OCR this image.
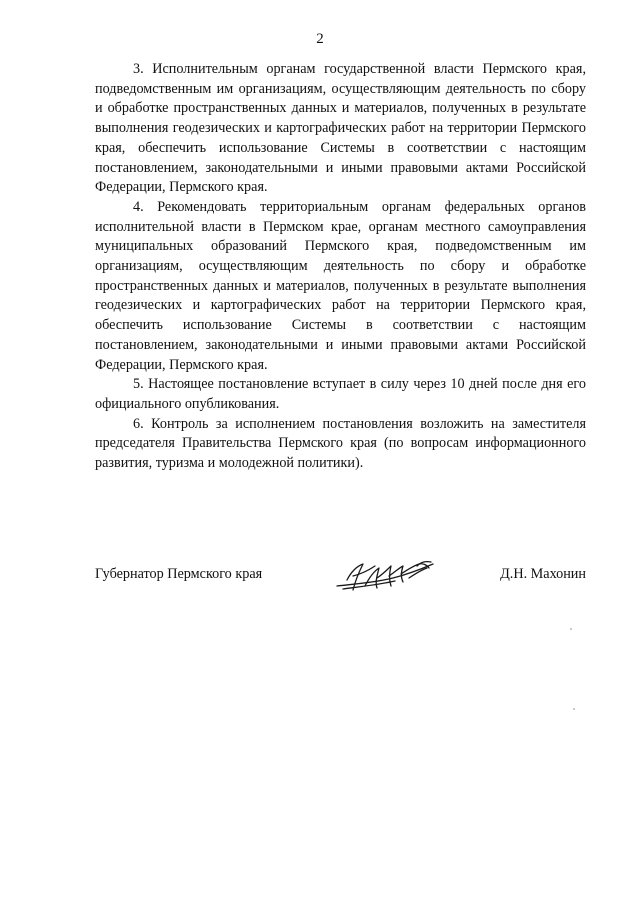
2

3. Исполнительным органам государственной власти Пермского края, подведомственным им организациям, осуществляющим деятельность по сбору и обработке пространственных данных и материалов, полученных в результате выполнения геодезических и картографических работ на территории Пермского края, обеспечить использование Системы в соответствии с настоящим постановлением, законодательными и иными правовыми актами Российской Федерации, Пермского края.

4. Рекомендовать территориальным органам федеральных органов исполнительной власти в Пермском крае, органам местного самоуправления муниципальных образований Пермского края, подведомственным им организациям, осуществляющим деятельность по сбору и обработке пространственных данных и материалов, полученных в результате выполнения геодезических и картографических работ на территории Пермского края, обеспечить использование Системы в соответствии с настоящим постановлением, законодательными и иными правовыми актами Российской Федерации, Пермского края.

5. Настоящее постановление вступает в силу через 10 дней после дня его официального опубликования.

6. Контроль за исполнением постановления возложить на заместителя председателя Правительства Пермского края (по вопросам информационного развития, туризма и молодежной политики).

Губернатор Пермского края	Д.Н. Махонин
